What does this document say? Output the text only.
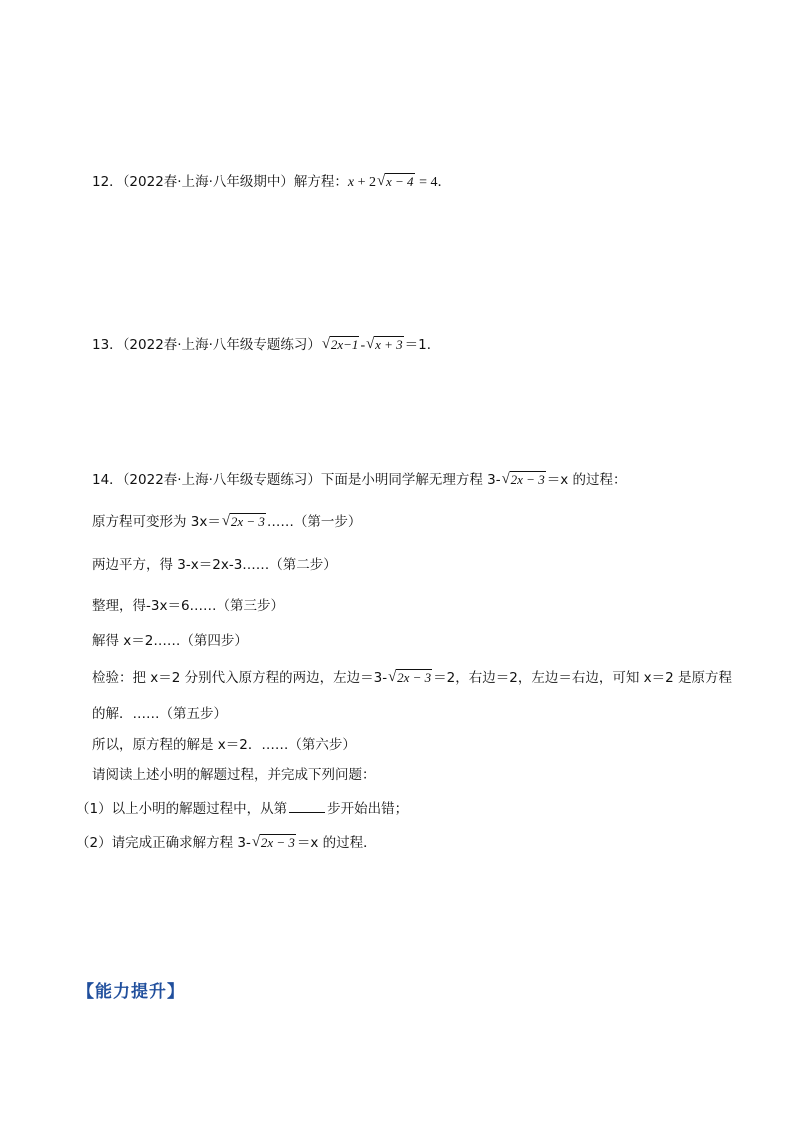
12．（2022春·上海·八年级期中）解方程：x + 2 √ x − 4 = 4．
13．（2022春·上海·八年级专题练习） √ 2x−1 - √ x + 3 ＝1．
14．（2022春·上海·八年级专题练习）下面是小明同学解无理方程 3- √ 2x − 3 ＝x 的过程：
原方程可变形为 3x＝ √ 2x − 3 ……（第一步）
两边平方，得 3-x＝2x-3……（第二步）
整理，得-3x＝6……（第三步）
解得 x＝2……（第四步）
检验：把 x＝2 分别代入原方程的两边，左边＝3- √ 2x − 3 ＝2，右边＝2，左边＝右边，可知 x＝2 是原方程
的解．……（第五步）
所以，原方程的解是 x＝2．……（第六步）
请阅读上述小明的解题过程，并完成下列问题：
（1）以上小明的解题过程中，从第	步开始出错；
（2）请完成正确求解方程 3- √ 2x − 3 ＝x 的过程．
【能力提升】
